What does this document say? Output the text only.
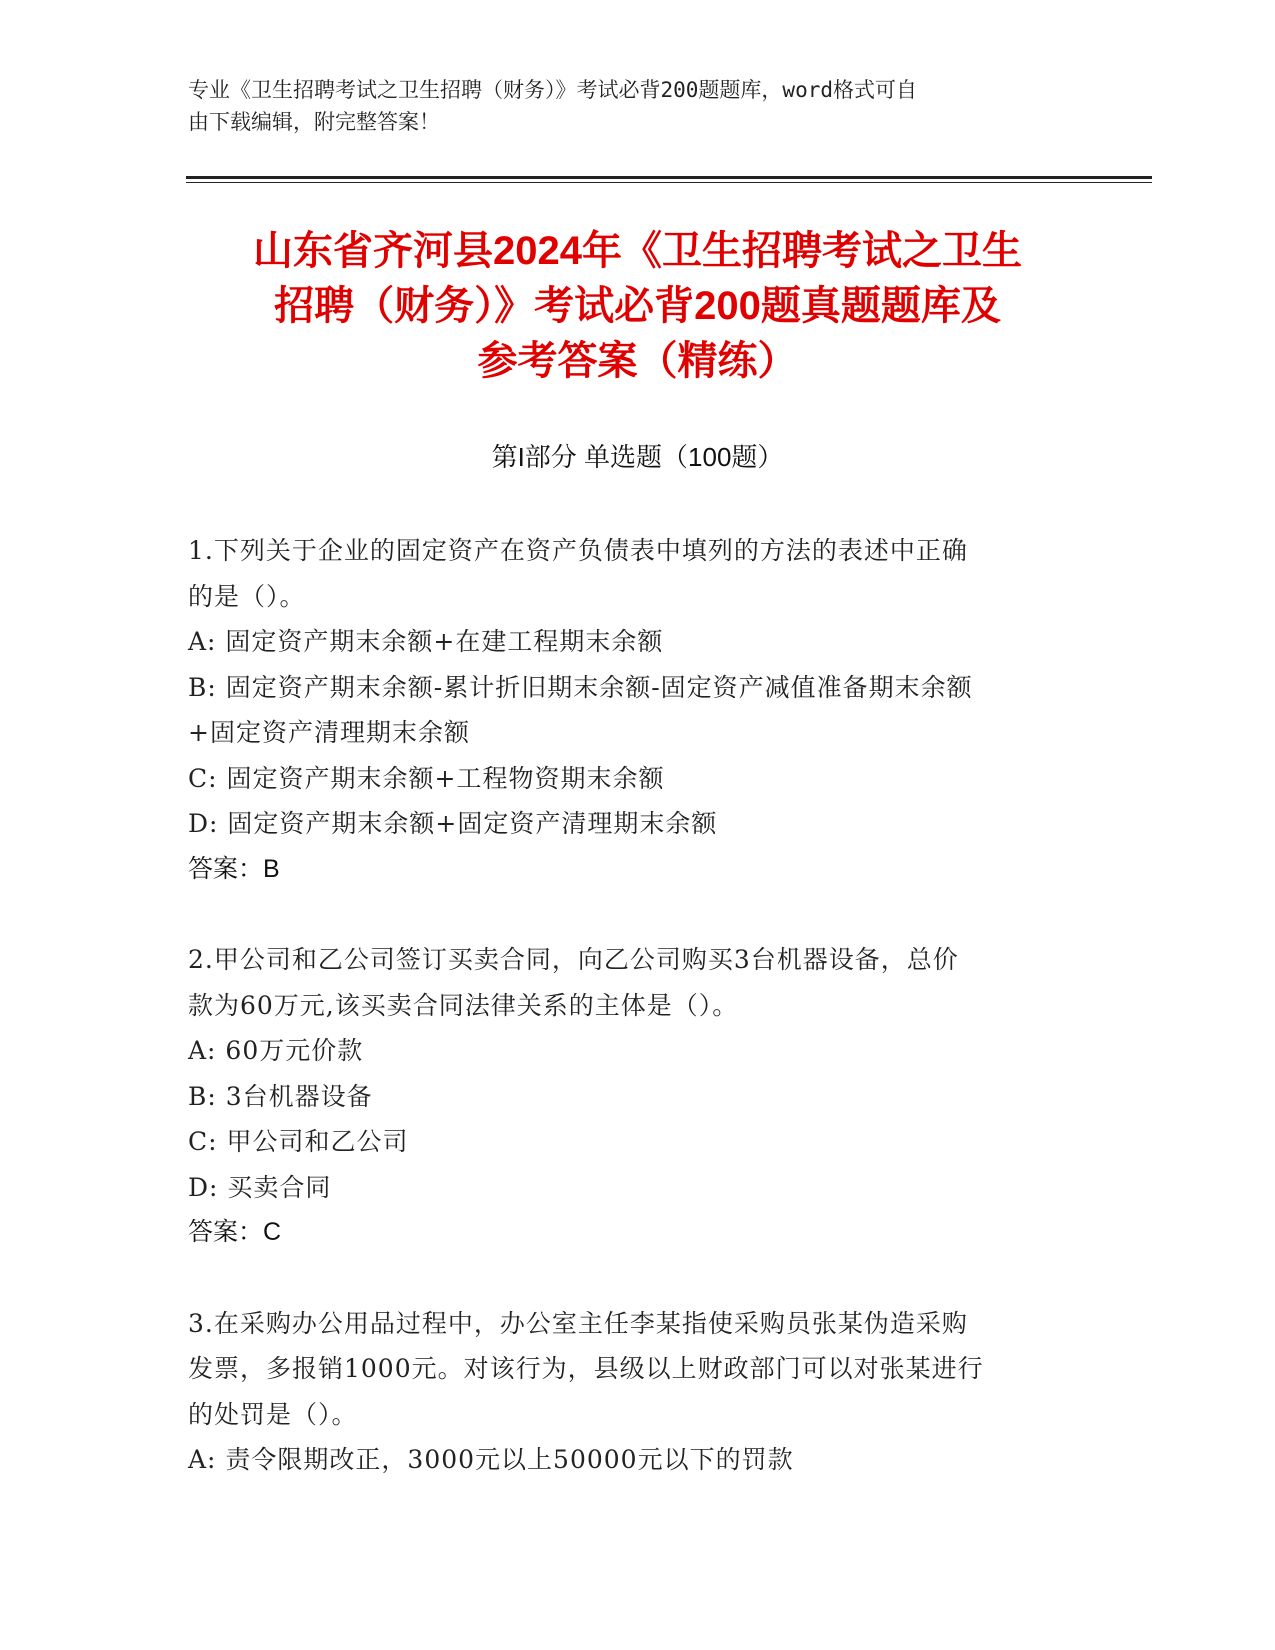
专业《卫生招聘考试之卫生招聘（财务）》考试必背200题题库，word格式可自
由下载编辑，附完整答案！
山东省齐河县2024年《卫生招聘考试之卫生
招聘（财务）》考试必背200题真题题库及
参考答案（精练）
第I部分 单选题（100题）
1.下列关于企业的固定资产在资产负债表中填列的方法的表述中正确
的是（）。
A: 固定资产期末余额+在建工程期末余额
B: 固定资产期末余额-累计折旧期末余额-固定资产减值准备期末余额
+固定资产清理期末余额
C: 固定资产期末余额+工程物资期末余额
D: 固定资产期末余额+固定资产清理期末余额
答案：B
2.甲公司和乙公司签订买卖合同，向乙公司购买3台机器设备，总价
款为60万元,该买卖合同法律关系的主体是（）。
A: 60万元价款
B: 3台机器设备
C: 甲公司和乙公司
D: 买卖合同
答案：C
3.在采购办公用品过程中，办公室主任李某指使采购员张某伪造采购
发票，多报销1000元。对该行为，县级以上财政部门可以对张某进行
的处罚是（）。
A: 责令限期改正，3000元以上50000元以下的罚款
